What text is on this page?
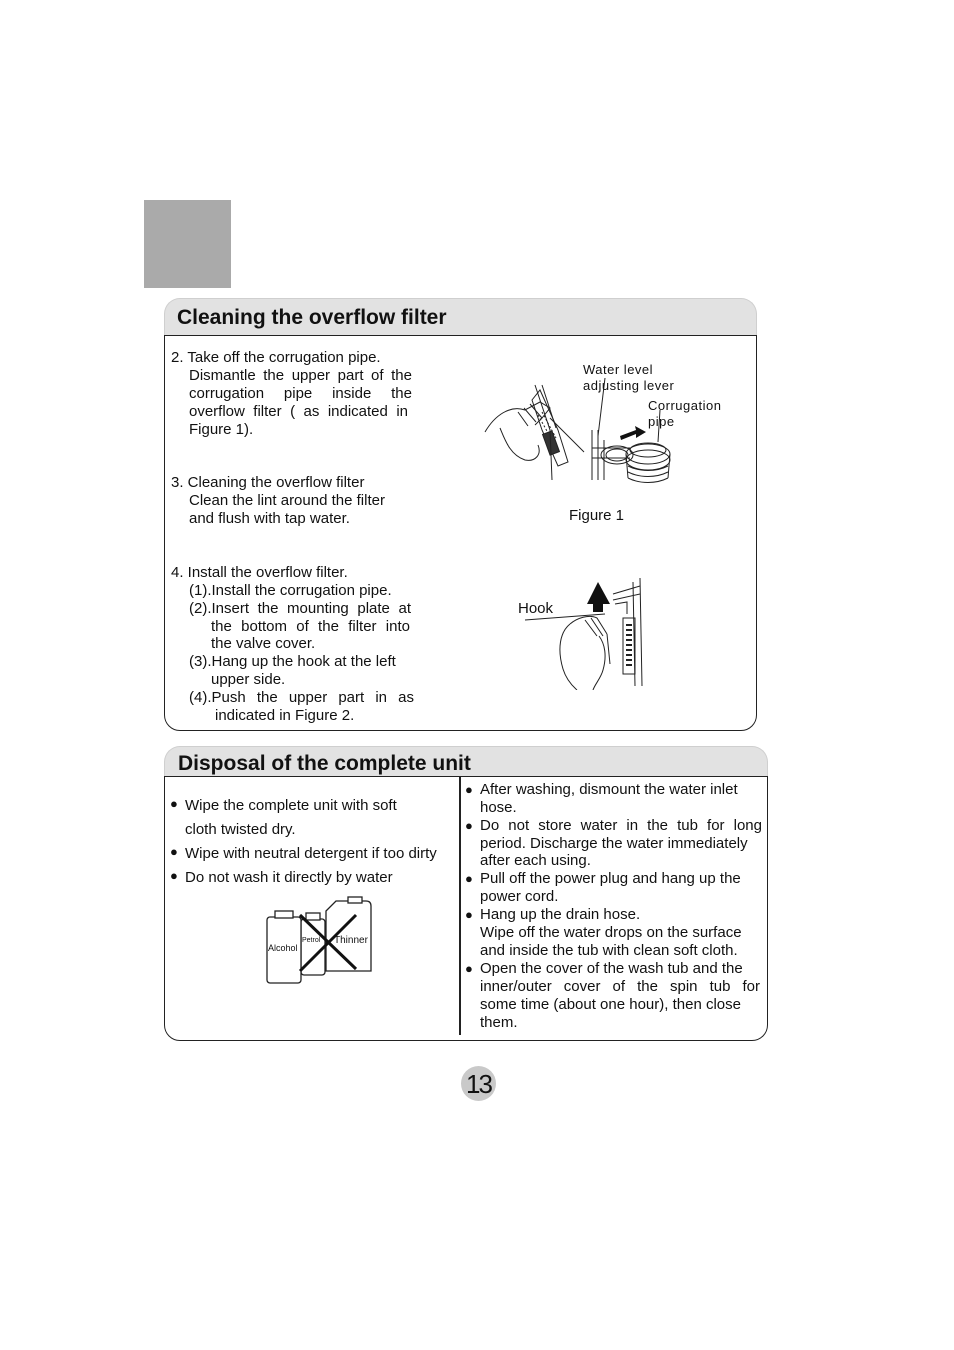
Cleaning the overflow filter
2. Take off the corrugation pipe.
Dismantle the upper part of the
corrugation pipe inside the
overflow filter ( as indicated in
Figure 1).
3. Cleaning the overflow filter
Clean the lint around the filter
and flush with tap water.
4. Install the overflow filter.
(1).Install the corrugation pipe.
(2).Insert the mounting plate at
the bottom of the filter into
the valve cover.
(3).Hang up the hook at the left
upper side.
(4).Push the upper part in as
indicated in Figure 2.
Water level
adjusting lever
Corrugation
pipe
Figure 1
Hook
Disposal of the complete unit
● Wipe the complete unit with soft
cloth twisted dry.
● Wipe with neutral detergent if too dirty
● Do not wash it directly by water
Alcohol
Petrol Thinner
● After washing, dismount the water inlet
hose.
● Do not store water in the tub for long
period. Discharge the water immediately
after each using.
● Pull off the power plug and hang up the
power cord.
● Hang up the drain hose.
Wipe off the water drops on the surface
and inside the tub with clean soft cloth.
● Open the cover of the wash tub and the
inner/outer cover of the spin tub for
some time (about one hour), then close
them.
13
